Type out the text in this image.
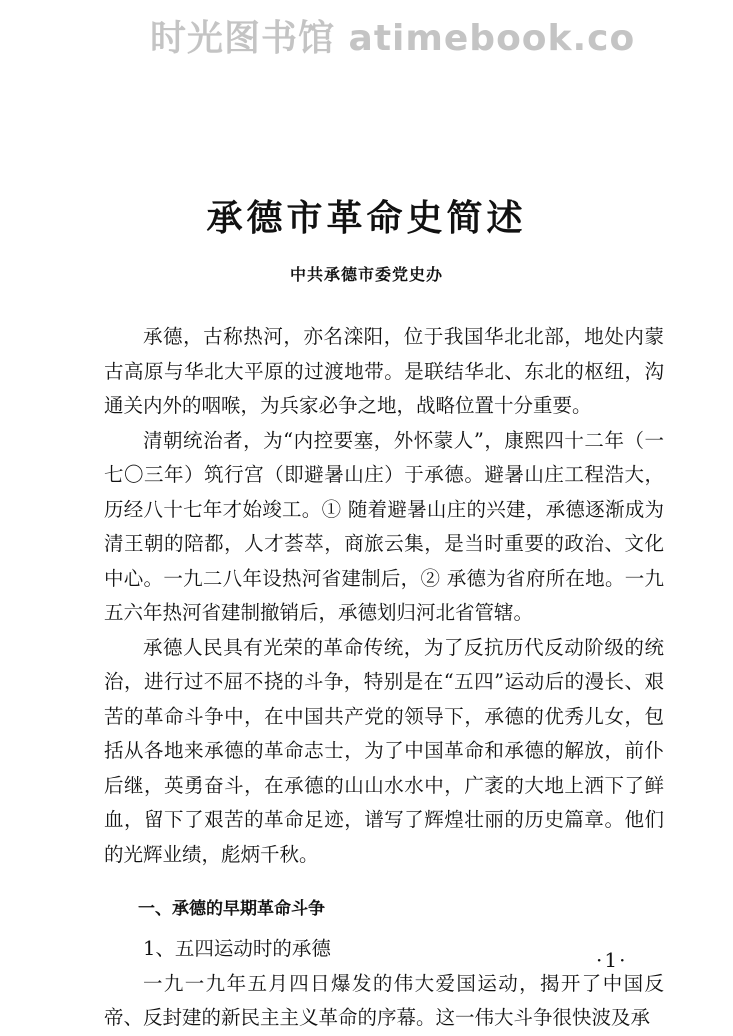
时光图书馆 atimebook.co
承德市革命史简述
中共承德市委党史办

承德，古称热河，亦名滦阳，位于我国华北北部，地处内蒙古高原与华北大平原的过渡地带。是联结华北、东北的枢纽，沟通关内外的咽喉，为兵家必争之地，战略位置十分重要。

清朝统治者，为“内控要塞，外怀蒙人”，康熙四十二年（一七〇三年）筑行宫（即避暑山庄）于承德。避暑山庄工程浩大，历经八十七年才始竣工。① 随着避暑山庄的兴建，承德逐渐成为清王朝的陪都，人才荟萃，商旅云集，是当时重要的政治、文化中心。一九二八年设热河省建制后，② 承德为省府所在地。一九五六年热河省建制撤销后，承德划归河北省管辖。

承德人民具有光荣的革命传统，为了反抗历代反动阶级的统治，进行过不屈不挠的斗争，特别是在“五四”运动后的漫长、艰苦的革命斗争中，在中国共产党的领导下，承德的优秀儿女，包括从各地来承德的革命志士，为了中国革命和承德的解放，前仆后继，英勇奋斗，在承德的山山水水中，广袤的大地上洒下了鲜血，留下了艰苦的革命足迹，谱写了辉煌壮丽的历史篇章。他们的光辉业绩，彪炳千秋。

一、承德的早期革命斗争

1、五四运动时的承德

一九一九年五月四日爆发的伟大爱国运动，揭开了中国反帝、反封建的新民主主义革命的序幕。这一伟大斗争很快波及承

·1·
